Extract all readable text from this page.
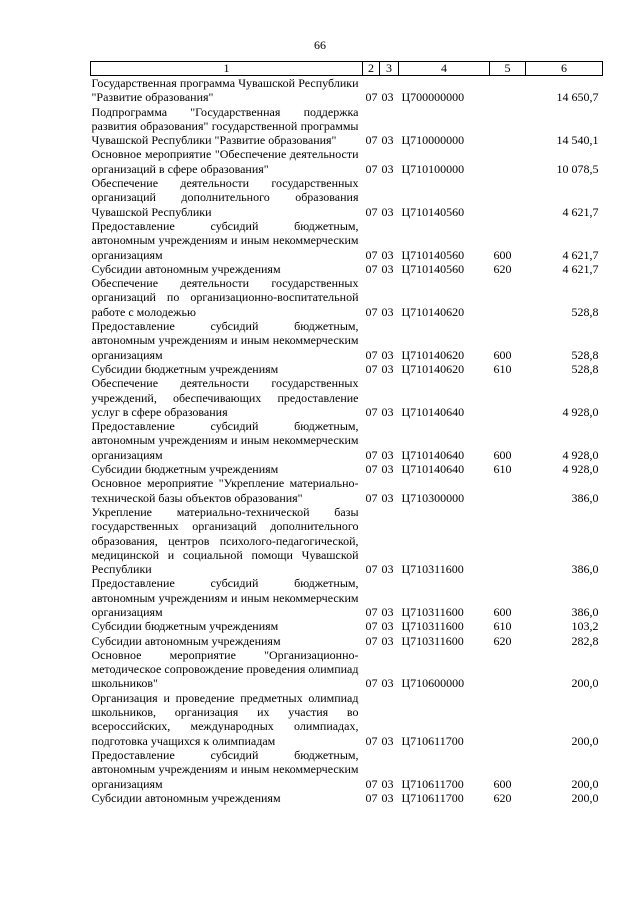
66
1	2	3	4	5	6
Государственная программа Чувашской Республики "Развитие образования"	07	03	Ц700000000		14 650,7
Подпрограмма "Государственная поддержка развития образования" государственной программы Чувашской Республики "Развитие образования"	07	03	Ц710000000		14 540,1
Основное мероприятие "Обеспечение деятельности организаций в сфере образования"	07	03	Ц710100000		10 078,5
Обеспечение деятельности государственных организаций дополнительного образования Чувашской Республики	07	03	Ц710140560		4 621,7
Предоставление субсидий бюджетным, автономным учреждениям и иным некоммерческим организациям	07	03	Ц710140560	600	4 621,7
Субсидии автономным учреждениям	07	03	Ц710140560	620	4 621,7
Обеспечение деятельности государственных организаций по организационно-воспитательной работе с молодежью	07	03	Ц710140620		528,8
Предоставление субсидий бюджетным, автономным учреждениям и иным некоммерческим организациям	07	03	Ц710140620	600	528,8
Субсидии бюджетным учреждениям	07	03	Ц710140620	610	528,8
Обеспечение деятельности государственных учреждений, обеспечивающих предоставление услуг в сфере образования	07	03	Ц710140640		4 928,0
Предоставление субсидий бюджетным, автономным учреждениям и иным некоммерческим организациям	07	03	Ц710140640	600	4 928,0
Субсидии бюджетным учреждениям	07	03	Ц710140640	610	4 928,0
Основное мероприятие "Укрепление материально-технической базы объектов образования"	07	03	Ц710300000		386,0
Укрепление материально-технической базы государственных организаций дополнительного образования, центров психолого-педагогической, медицинской и социальной помощи Чувашской Республики	07	03	Ц710311600		386,0
Предоставление субсидий бюджетным, автономным учреждениям и иным некоммерческим организациям	07	03	Ц710311600	600	386,0
Субсидии бюджетным учреждениям	07	03	Ц710311600	610	103,2
Субсидии автономным учреждениям	07	03	Ц710311600	620	282,8
Основное мероприятие "Организационно-методическое сопровождение проведения олимпиад школьников"	07	03	Ц710600000		200,0
Организация и проведение предметных олимпиад школьников, организация их участия во всероссийских, международных олимпиадах, подготовка учащихся к олимпиадам	07	03	Ц710611700		200,0
Предоставление субсидий бюджетным, автономным учреждениям и иным некоммерческим организациям	07	03	Ц710611700	600	200,0
Субсидии автономным учреждениям	07	03	Ц710611700	620	200,0
